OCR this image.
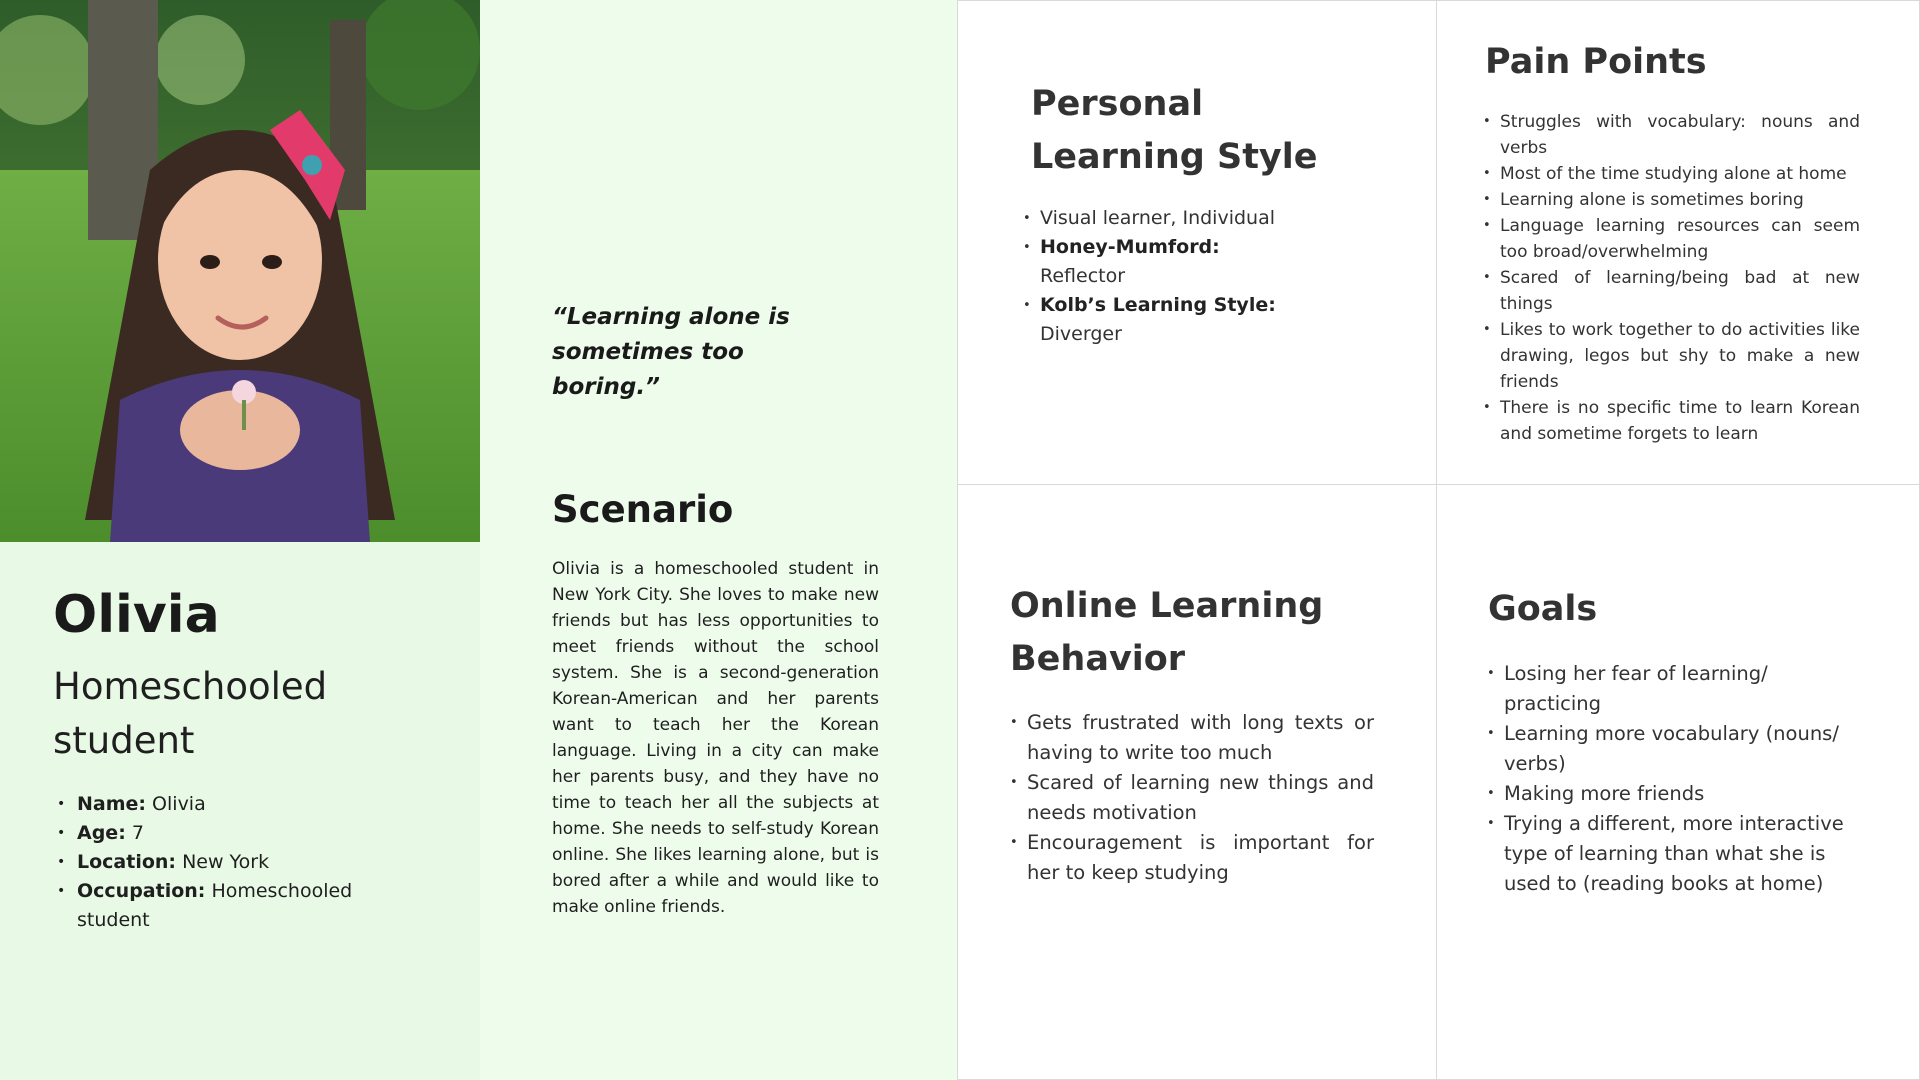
Olivia
Homeschooled student
• Name: Olivia
• Age: 7
• Location: New York
• Occupation: Homeschooled student
“Learning alone is sometimes too boring.”
Scenario
Olivia is a homeschooled student in New York City. She loves to make new friends but has less opportunities to meet friends without the school system. She is a second-generation Korean-American and her parents want to teach her the Korean language. Living in a city can make her parents busy, and they have no time to teach her all the subjects at home. She needs to self-study Korean online. She likes learning alone, but is bored after a while and would like to make online friends.
Personal Learning Style
• Visual learner, Individual
• Honey-Mumford:
Reflector
• Kolb’s Learning Style:
Diverger
Pain Points
• Struggles with vocabulary: nouns and verbs
• Most of the time studying alone at home
• Learning alone is sometimes boring
• Language learning resources can seem too broad/overwhelming
• Scared of learning/being bad at new things
• Likes to work together to do activities like drawing, legos but shy to make a new friends
• There is no specific time to learn Korean and sometime forgets to learn
Online Learning Behavior
• Gets frustrated with long texts or having to write too much
• Scared of learning new things and needs motivation
• Encouragement is important for her to keep studying
Goals
• Losing her fear of learning/ practicing
• Learning more vocabulary (nouns/ verbs)
• Making more friends
• Trying a different, more interactive type of learning than what she is used to (reading books at home)
